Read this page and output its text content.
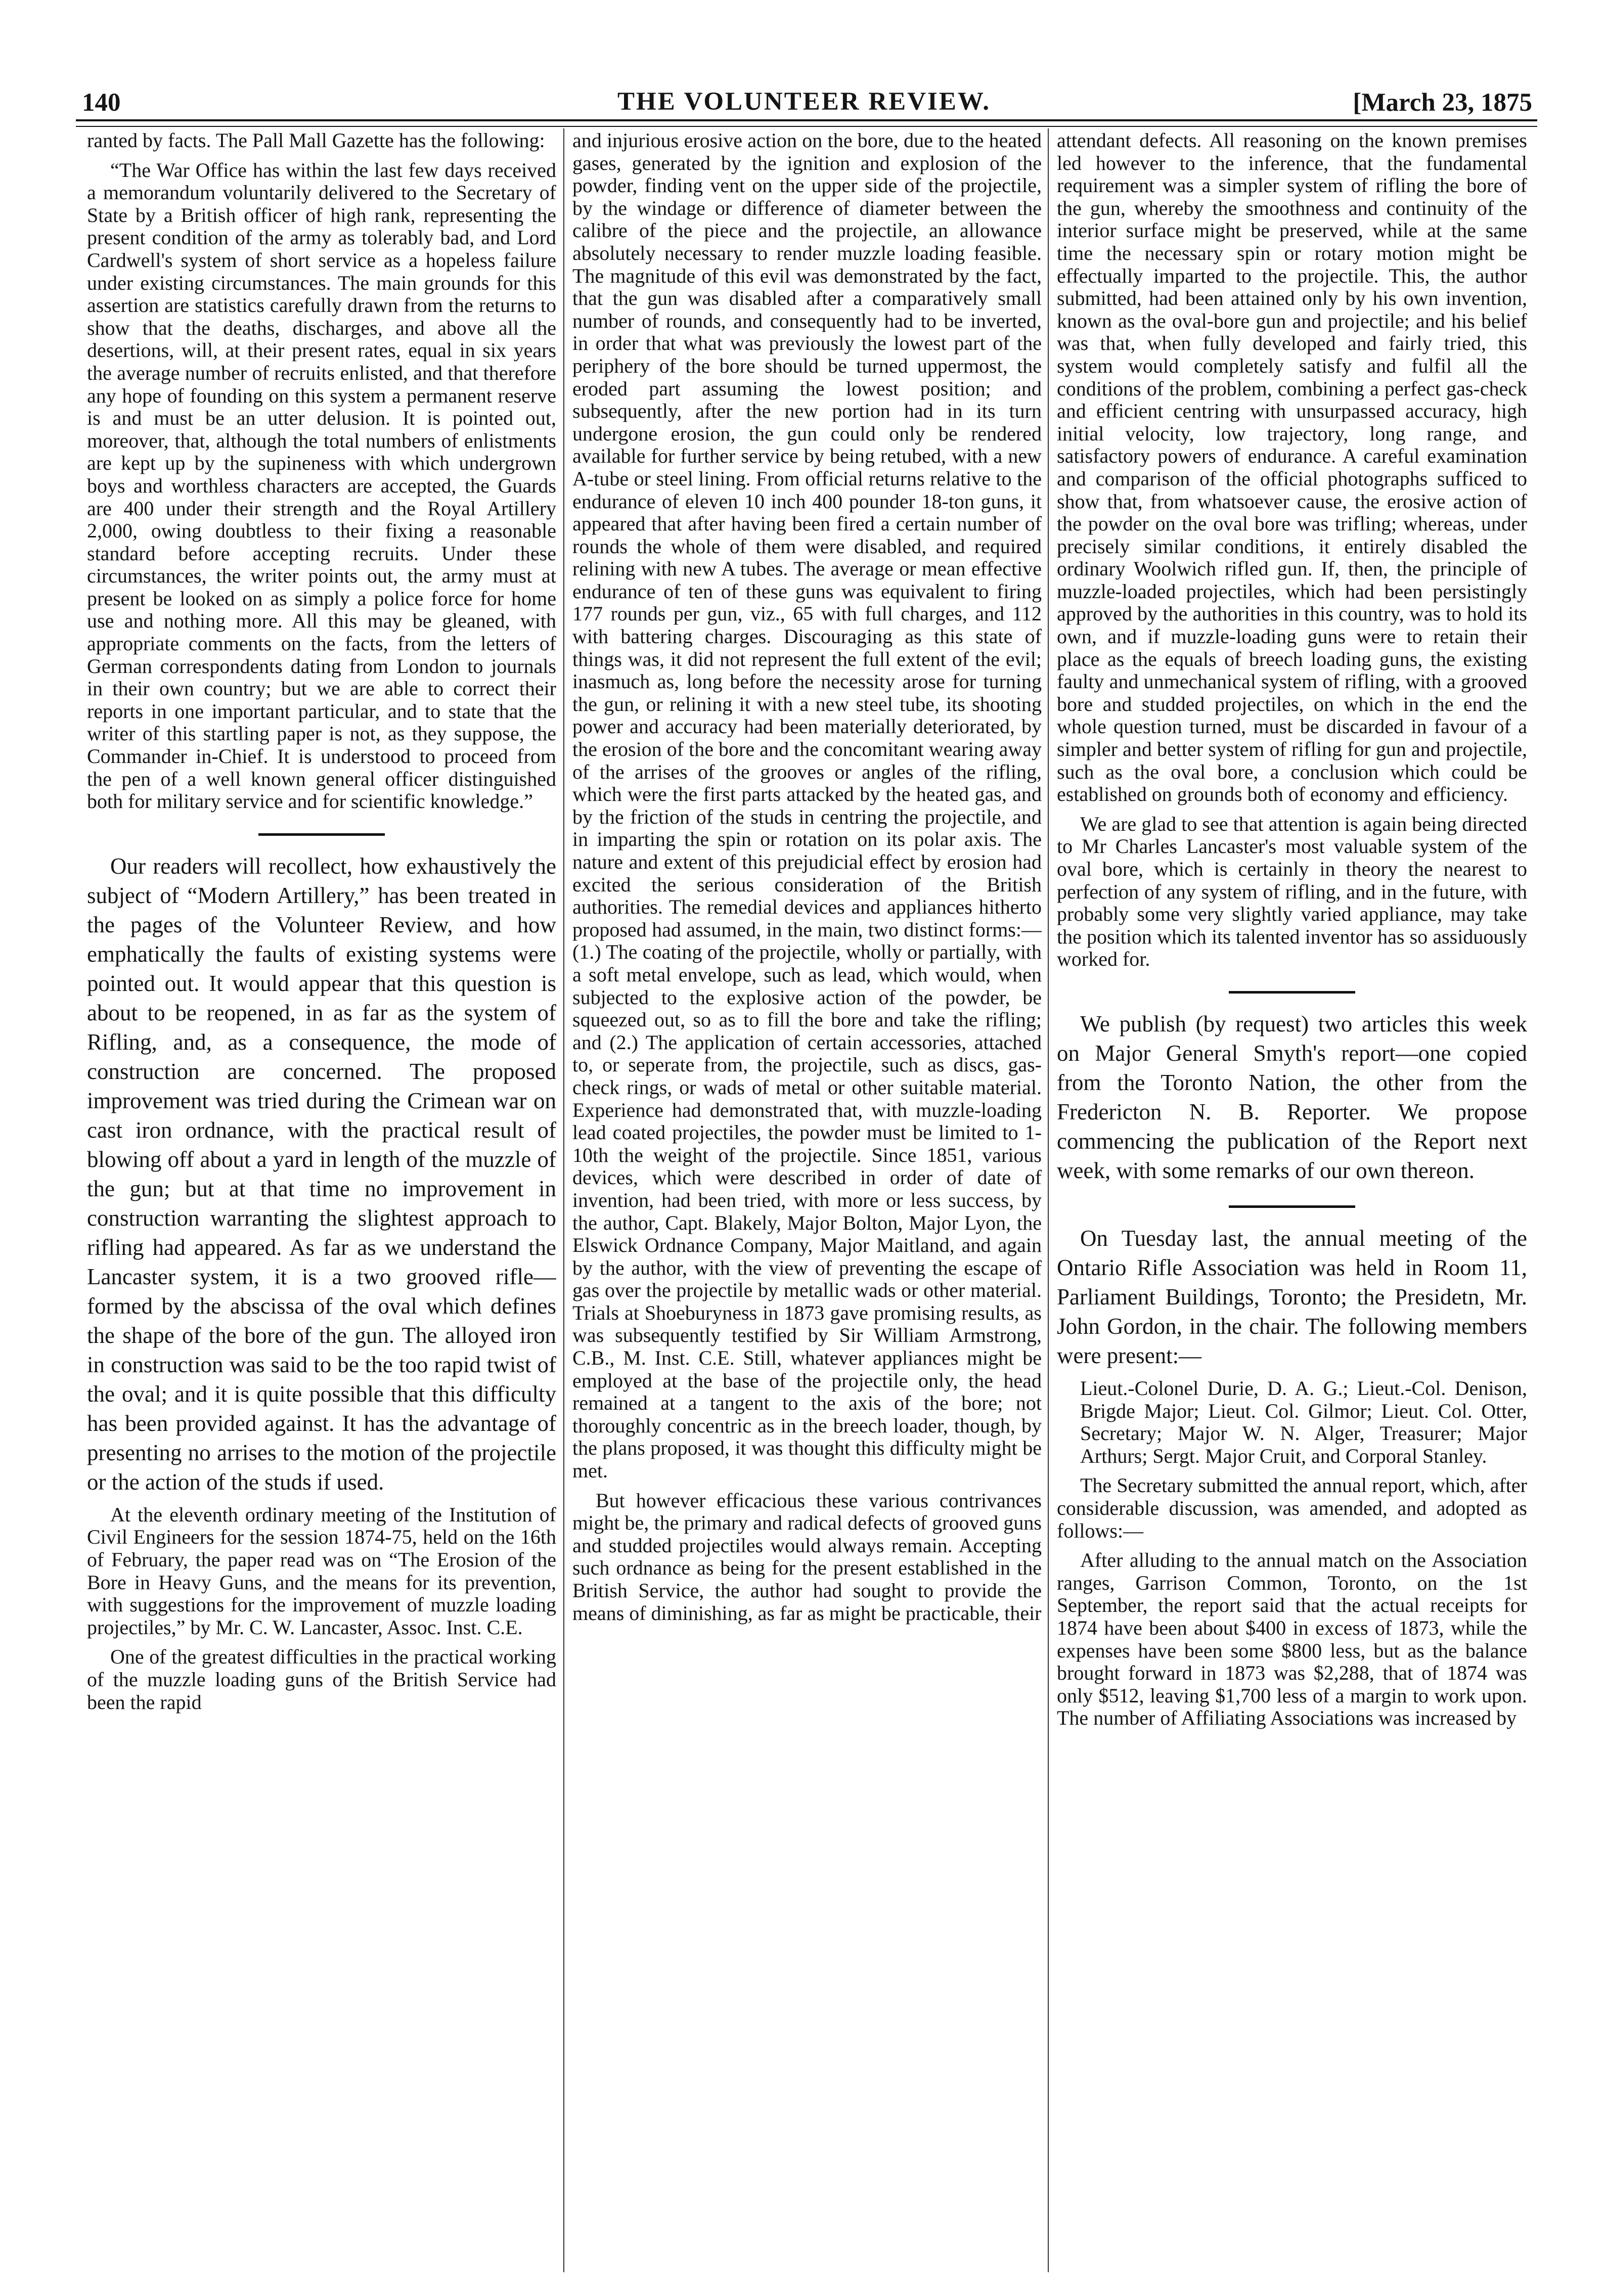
140	THE VOLUNTEER REVIEW.	[March 23, 1875

ranted by facts. The Pall Mall Gazette has the following:

“The War Office has within the last few days received a memorandum voluntarily delivered to the Secretary of State by a British officer of high rank, representing the present condition of the army as tolerably bad, and Lord Cardwell's system of short service as a hopeless failure under existing circumstances. The main grounds for this assertion are statistics carefully drawn from the returns to show that the deaths, discharges, and above all the desertions, will, at their present rates, equal in six years the average number of recruits enlisted, and that therefore any hope of founding on this system a permanent reserve is and must be an utter delusion. It is pointed out, moreover, that, although the total numbers of enlistments are kept up by the supineness with which undergrown boys and worthless characters are accepted, the Guards are 400 under their strength and the Royal Artillery 2,000, owing doubtless to their fixing a reasonable standard before accepting recruits. Under these circumstances, the writer points out, the army must at present be looked on as simply a police force for home use and nothing more. All this may be gleaned, with appropriate comments on the facts, from the letters of German correspondents dating from London to journals in their own country; but we are able to correct their reports in one important particular, and to state that the writer of this startling paper is not, as they suppose, the Commander in-Chief. It is understood to proceed from the pen of a well known general officer distinguished both for military service and for scientific knowledge.”

Our readers will recollect, how exhaustively the subject of “Modern Artillery,” has been treated in the pages of the Volunteer Review, and how emphatically the faults of existing systems were pointed out. It would appear that this question is about to be reopened, in as far as the system of Rifling, and, as a consequence, the mode of construction are concerned. The proposed improvement was tried during the Crimean war on cast iron ordnance, with the practical result of blowing off about a yard in length of the muzzle of the gun; but at that time no improvement in construction warranting the slightest approach to rifling had appeared. As far as we understand the Lancaster system, it is a two grooved rifle—formed by the abscissa of the oval which defines the shape of the bore of the gun. The alloyed iron in construction was said to be the too rapid twist of the oval; and it is quite possible that this difficulty has been provided against. It has the advantage of presenting no arrises to the motion of the projectile or the action of the studs if used.

At the eleventh ordinary meeting of the Institution of Civil Engineers for the session 1874-75, held on the 16th of February, the paper read was on “The Erosion of the Bore in Heavy Guns, and the means for its prevention, with suggestions for the improvement of muzzle loading projectiles,” by Mr. C. W. Lancaster, Assoc. Inst. C.E.

One of the greatest difficulties in the practical working of the muzzle loading guns of the British Service had been the rapid

and injurious erosive action on the bore, due to the heated gases, generated by the ignition and explosion of the powder, finding vent on the upper side of the projectile, by the windage or difference of diameter between the calibre of the piece and the projectile, an allowance absolutely necessary to render muzzle loading feasible. The magnitude of this evil was demonstrated by the fact, that the gun was disabled after a comparatively small number of rounds, and consequently had to be inverted, in order that what was previously the lowest part of the periphery of the bore should be turned uppermost, the eroded part assuming the lowest position; and subsequently, after the new portion had in its turn undergone erosion, the gun could only be rendered available for further service by being retubed, with a new A-tube or steel lining. From official returns relative to the endurance of eleven 10 inch 400 pounder 18-ton guns, it appeared that after having been fired a certain number of rounds the whole of them were disabled, and required relining with new A tubes. The average or mean effective endurance of ten of these guns was equivalent to firing 177 rounds per gun, viz., 65 with full charges, and 112 with battering charges. Discouraging as this state of things was, it did not represent the full extent of the evil; inasmuch as, long before the necessity arose for turning the gun, or relining it with a new steel tube, its shooting power and accuracy had been materially deteriorated, by the erosion of the bore and the concomitant wearing away of the arrises of the grooves or angles of the rifling, which were the first parts attacked by the heated gas, and by the friction of the studs in centring the projectile, and in imparting the spin or rotation on its polar axis. The nature and extent of this prejudicial effect by erosion had excited the serious consideration of the British authorities. The remedial devices and appliances hitherto proposed had assumed, in the main, two distinct forms:—(1.) The coating of the projectile, wholly or partially, with a soft metal envelope, such as lead, which would, when subjected to the explosive action of the powder, be squeezed out, so as to fill the bore and take the rifling; and (2.) The application of certain accessories, attached to, or seperate from, the projectile, such as discs, gas-check rings, or wads of metal or other suitable material. Experience had demonstrated that, with muzzle-loading lead coated projectiles, the powder must be limited to 1-10th the weight of the projectile. Since 1851, various devices, which were described in order of date of invention, had been tried, with more or less success, by the author, Capt. Blakely, Major Bolton, Major Lyon, the Elswick Ordnance Company, Major Maitland, and again by the author, with the view of preventing the escape of gas over the projectile by metallic wads or other material. Trials at Shoeburyness in 1873 gave promising results, as was subsequently testified by Sir William Armstrong, C.B., M. Inst. C.E. Still, whatever appliances might be employed at the base of the projectile only, the head remained at a tangent to the axis of the bore; not thoroughly concentric as in the breech loader, though, by the plans proposed, it was thought this difficulty might be met.

But however efficacious these various contrivances might be, the primary and radical defects of grooved guns and studded projectiles would always remain. Accepting such ordnance as being for the present established in the British Service, the author had sought to provide the means of diminishing, as far as might be practicable, their

attendant defects. All reasoning on the known premises led however to the inference, that the fundamental requirement was a simpler system of rifling the bore of the gun, whereby the smoothness and continuity of the interior surface might be preserved, while at the same time the necessary spin or rotary motion might be effectually imparted to the projectile. This, the author submitted, had been attained only by his own invention, known as the oval-bore gun and projectile; and his belief was that, when fully developed and fairly tried, this system would completely satisfy and fulfil all the conditions of the problem, combining a perfect gas-check and efficient centring with unsurpassed accuracy, high initial velocity, low trajectory, long range, and satisfactory powers of endurance. A careful examination and comparison of the official photographs sufficed to show that, from whatsoever cause, the erosive action of the powder on the oval bore was trifling; whereas, under precisely similar conditions, it entirely disabled the ordinary Woolwich rifled gun. If, then, the principle of muzzle-loaded projectiles, which had been persistingly approved by the authorities in this country, was to hold its own, and if muzzle-loading guns were to retain their place as the equals of breech loading guns, the existing faulty and unmechanical system of rifling, with a grooved bore and studded projectiles, on which in the end the whole question turned, must be discarded in favour of a simpler and better system of rifling for gun and projectile, such as the oval bore, a conclusion which could be established on grounds both of economy and efficiency.

We are glad to see that attention is again being directed to Mr Charles Lancaster's most valuable system of the oval bore, which is certainly in theory the nearest to perfection of any system of rifling, and in the future, with probably some very slightly varied appliance, may take the position which its talented inventor has so assiduously worked for.

We publish (by request) two articles this week on Major General Smyth's report—one copied from the Toronto Nation, the other from the Fredericton N. B. Reporter. We propose commencing the publication of the Report next week, with some remarks of our own thereon.

On Tuesday last, the annual meeting of the Ontario Rifle Association was held in Room 11, Parliament Buildings, Toronto; the Presidetn, Mr. John Gordon, in the chair. The following members were present:—

Lieut.-Colonel Durie, D. A. G.; Lieut.-Col. Denison, Brigde Major; Lieut. Col. Gilmor; Lieut. Col. Otter, Secretary; Major W. N. Alger, Treasurer; Major Arthurs; Sergt. Major Cruit, and Corporal Stanley.

The Secretary submitted the annual report, which, after considerable discussion, was amended, and adopted as follows:—

After alluding to the annual match on the Association ranges, Garrison Common, Toronto, on the 1st September, the report said that the actual receipts for 1874 have been about $400 in excess of 1873, while the expenses have been some $800 less, but as the balance brought forward in 1873 was $2,288, that of 1874 was only $512, leaving $1,700 less of a margin to work upon. The number of Affiliating Associations was increased by
